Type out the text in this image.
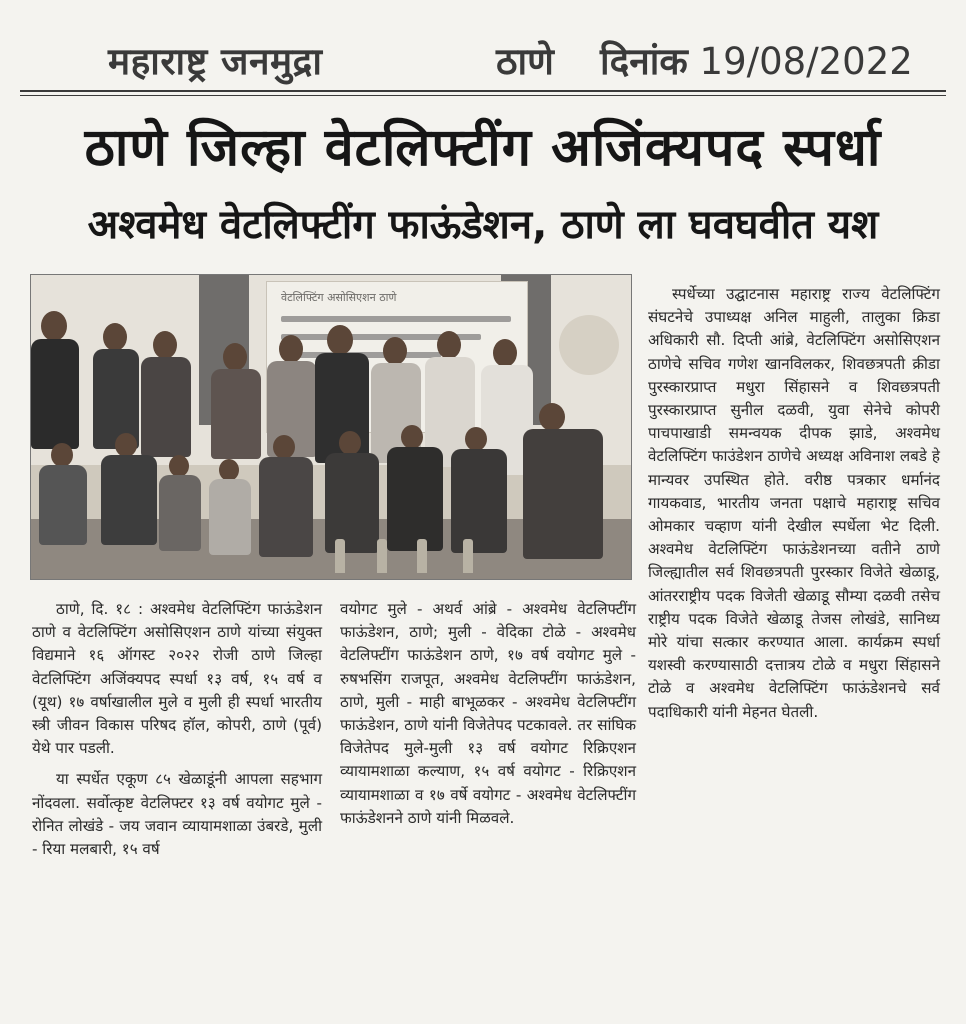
महाराष्ट्र जनमुद्रा	ठाणे दिनांक 19/08/2022
ठाणे जिल्हा वेटलिफ्टींग अजिंक्यपद स्पर्धा
अश्वमेध वेटलिफ्टींग फाऊंडेशन, ठाणे ला घवघवीत यश
वेटलिफ्टिंग असोसिएशन ठाणे

ठाणे, दि. १८ : अश्वमेध वेटलिफ्टिंग फाऊंडेशन ठाणे व वेटलिफ्टिंग असोसिएशन ठाणे यांच्या संयुक्त विद्यमाने १६ ऑगस्ट २०२२ रोजी ठाणे जिल्हा वेटलिफ्टिंग अजिंक्यपद स्पर्धा १३ वर्ष, १५ वर्ष व (यूथ) १७ वर्षाखालील मुले व मुली ही स्पर्धा भारतीय स्त्री जीवन विकास परिषद हॉल, कोपरी, ठाणे (पूर्व) येथे पार पडली.

या स्पर्धेत एकूण ८५ खेळाडूंनी आपला सहभाग नोंदवला. सर्वोत्कृष्ट वेटलिफ्टर १३ वर्ष वयोगट मुले - रोनित लोखंडे - जय जवान व्यायामशाळा उंबरडे, मुली - रिया मलबारी, १५ वर्ष

वयोगट मुले - अथर्व आंब्रे - अश्वमेध वेटलिफ्टींग फाऊंडेशन, ठाणे; मुली - वेदिका टोळे - अश्वमेध वेटलिफ्टींग फाऊंडेशन ठाणे, १७ वर्ष वयोगट मुले - रुषभसिंग राजपूत, अश्वमेध वेटलिफ्टींग फाऊंडेशन, ठाणे, मुली - माही बाभूळकर - अश्वमेध वेटलिफ्टींग फाऊंडेशन, ठाणे यांनी विजेतेपद पटकावले. तर सांघिक विजेतेपद मुले-मुली १३ वर्ष वयोगट रिक्रिएशन व्यायामशाळा कल्याण, १५ वर्ष वयोगट - रिक्रिएशन व्यायामशाळा व १७ वर्षे वयोगट - अश्वमेध वेटलिफ्टींग फाऊंडेशनने ठाणे यांनी मिळवले.

स्पर्धेच्या उद्घाटनास महाराष्ट्र राज्य वेटलिफ्टिंग संघटनेचे उपाध्यक्ष अनिल माहुली, तालुका क्रिडा अधिकारी सौ. दिप्ती आंब्रे, वेटलिफ्टिंग असोसिएशन ठाणेचे सचिव गणेश खानविलकर, शिवछत्रपती क्रीडा पुरस्कारप्राप्त मधुरा सिंहासने व शिवछत्रपती पुरस्कारप्राप्त सुनील दळवी, युवा सेनेचे कोपरी पाचपाखाडी समन्वयक दीपक झाडे, अश्वमेध वेटलिफ्टिंग फाउंडेशन ठाणेचे अध्यक्ष अविनाश लबडे हे मान्यवर उपस्थित होते. वरीष्ठ पत्रकार धर्मानंद गायकवाड, भारतीय जनता पक्षाचे महाराष्ट्र सचिव ओमकार चव्हाण यांनी देखील स्पर्धेला भेट दिली. अश्वमेध वेटलिफ्टिंग फाऊंडेशनच्या वतीने ठाणे जिल्ह्यातील सर्व शिवछत्रपती पुरस्कार विजेते खेळाडू, आंतरराष्ट्रीय पदक विजेती खेळाडू सौम्या दळवी तसेच राष्ट्रीय पदक विजेते खेळाडू तेजस लोखंडे, सानिध्य मोरे यांचा सत्कार करण्यात आला. कार्यक्रम स्पर्धा यशस्वी करण्यासाठी दत्तात्रय टोळे व मधुरा सिंहासने टोळे व अश्वमेध वेटलिफ्टिंग फाऊंडेशनचे सर्व पदाधिकारी यांनी मेहनत घेतली.
